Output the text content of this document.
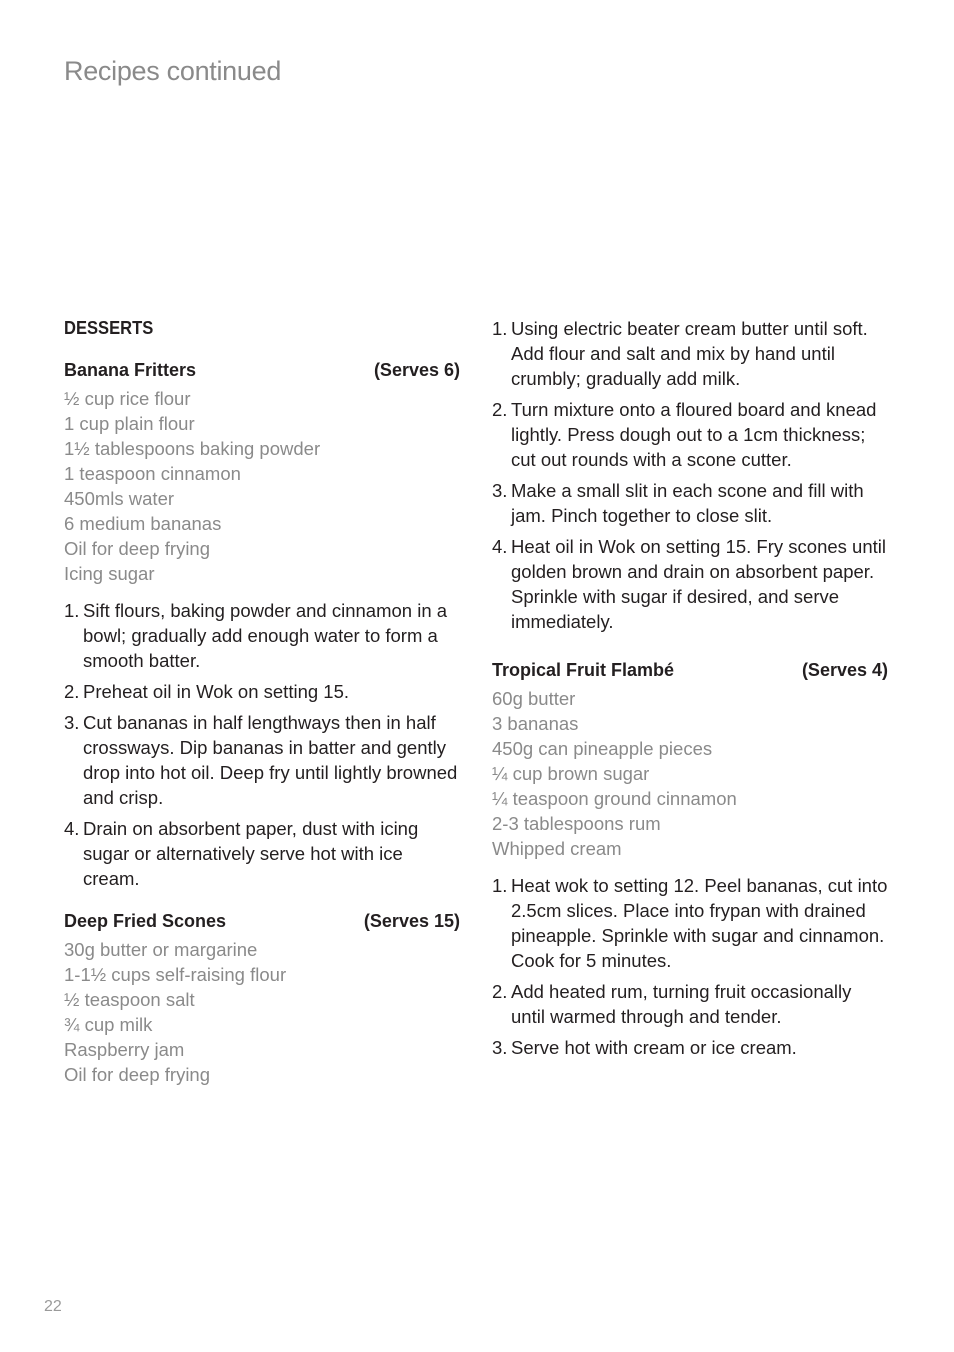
Recipes continued
DESSERTS
Banana Fritters	(Serves 6)
½ cup rice flour
1 cup plain flour
1½ tablespoons baking powder
1 teaspoon cinnamon
450mls water
6 medium bananas
Oil for deep frying
Icing sugar
1. Sift flours, baking powder and cinnamon in a bowl; gradually add enough water to form a smooth batter.
2. Preheat oil in Wok on setting 15.
3. Cut bananas in half lengthways then in half crossways. Dip bananas in batter and gently drop into hot oil. Deep fry until lightly browned and crisp.
4. Drain on absorbent paper, dust with icing sugar or alternatively serve hot with ice cream.
Deep Fried Scones	(Serves 15)
30g butter or margarine
1-1½ cups self-raising flour
½ teaspoon salt
¾ cup milk
Raspberry jam
Oil for deep frying
1. Using electric beater cream butter until soft. Add flour and salt and mix by hand until crumbly; gradually add milk.
2. Turn mixture onto a floured board and knead lightly. Press dough out to a 1cm thickness; cut out rounds with a scone cutter.
3. Make a small slit in each scone and fill with jam. Pinch together to close slit.
4. Heat oil in Wok on setting 15. Fry scones until golden brown and drain on absorbent paper. Sprinkle with sugar if desired, and serve immediately.
Tropical Fruit Flambé	(Serves 4)
60g butter
3 bananas
450g can pineapple pieces
¼ cup brown sugar
¼ teaspoon ground cinnamon
2-3 tablespoons rum
Whipped cream
1. Heat wok to setting 12. Peel bananas, cut into 2.5cm slices. Place into frypan with drained pineapple. Sprinkle with sugar and cinnamon. Cook for 5 minutes.
2. Add heated rum, turning fruit occasionally until warmed through and tender.
3. Serve hot with cream or ice cream.
22
